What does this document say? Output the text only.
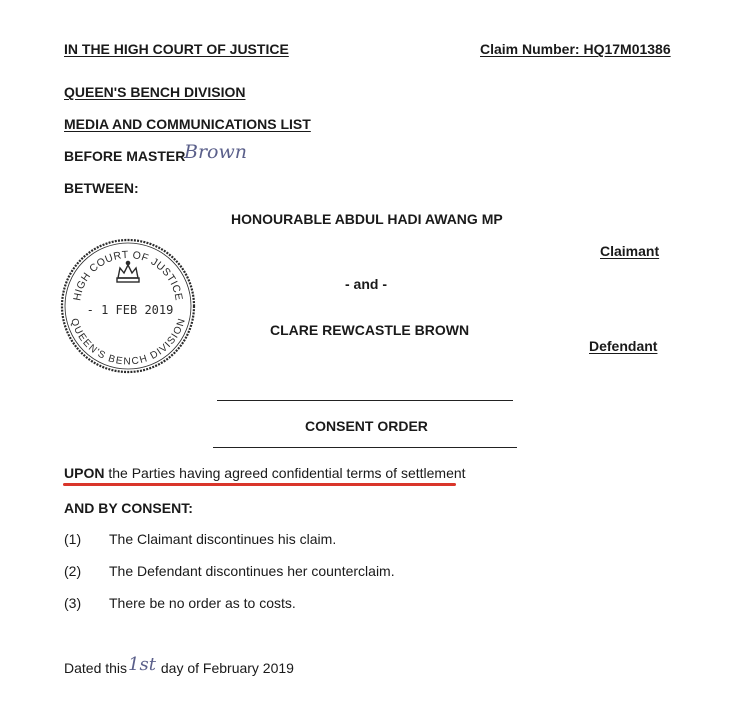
IN THE HIGH COURT OF JUSTICE	Claim Number: HQ17M01386
QUEEN'S BENCH DIVISION
MEDIA AND COMMUNICATIONS LIST
BEFORE MASTER
Brown
BETWEEN:
HONOURABLE ABDUL HADI AWANG MP
Claimant
- and -
CLARE REWCASTLE BROWN
Defendant
HIGH COURT OF JUSTICE
QUEEN'S BENCH DIVISION
- 1 FEB 2019
CONSENT ORDER
UPON the Parties having agreed confidential terms of settlement
AND BY CONSENT:
(1) The Claimant discontinues his claim.
(2) The Defendant discontinues her counterclaim.
(3) There be no order as to costs.
Dated this1st day of February 2019
